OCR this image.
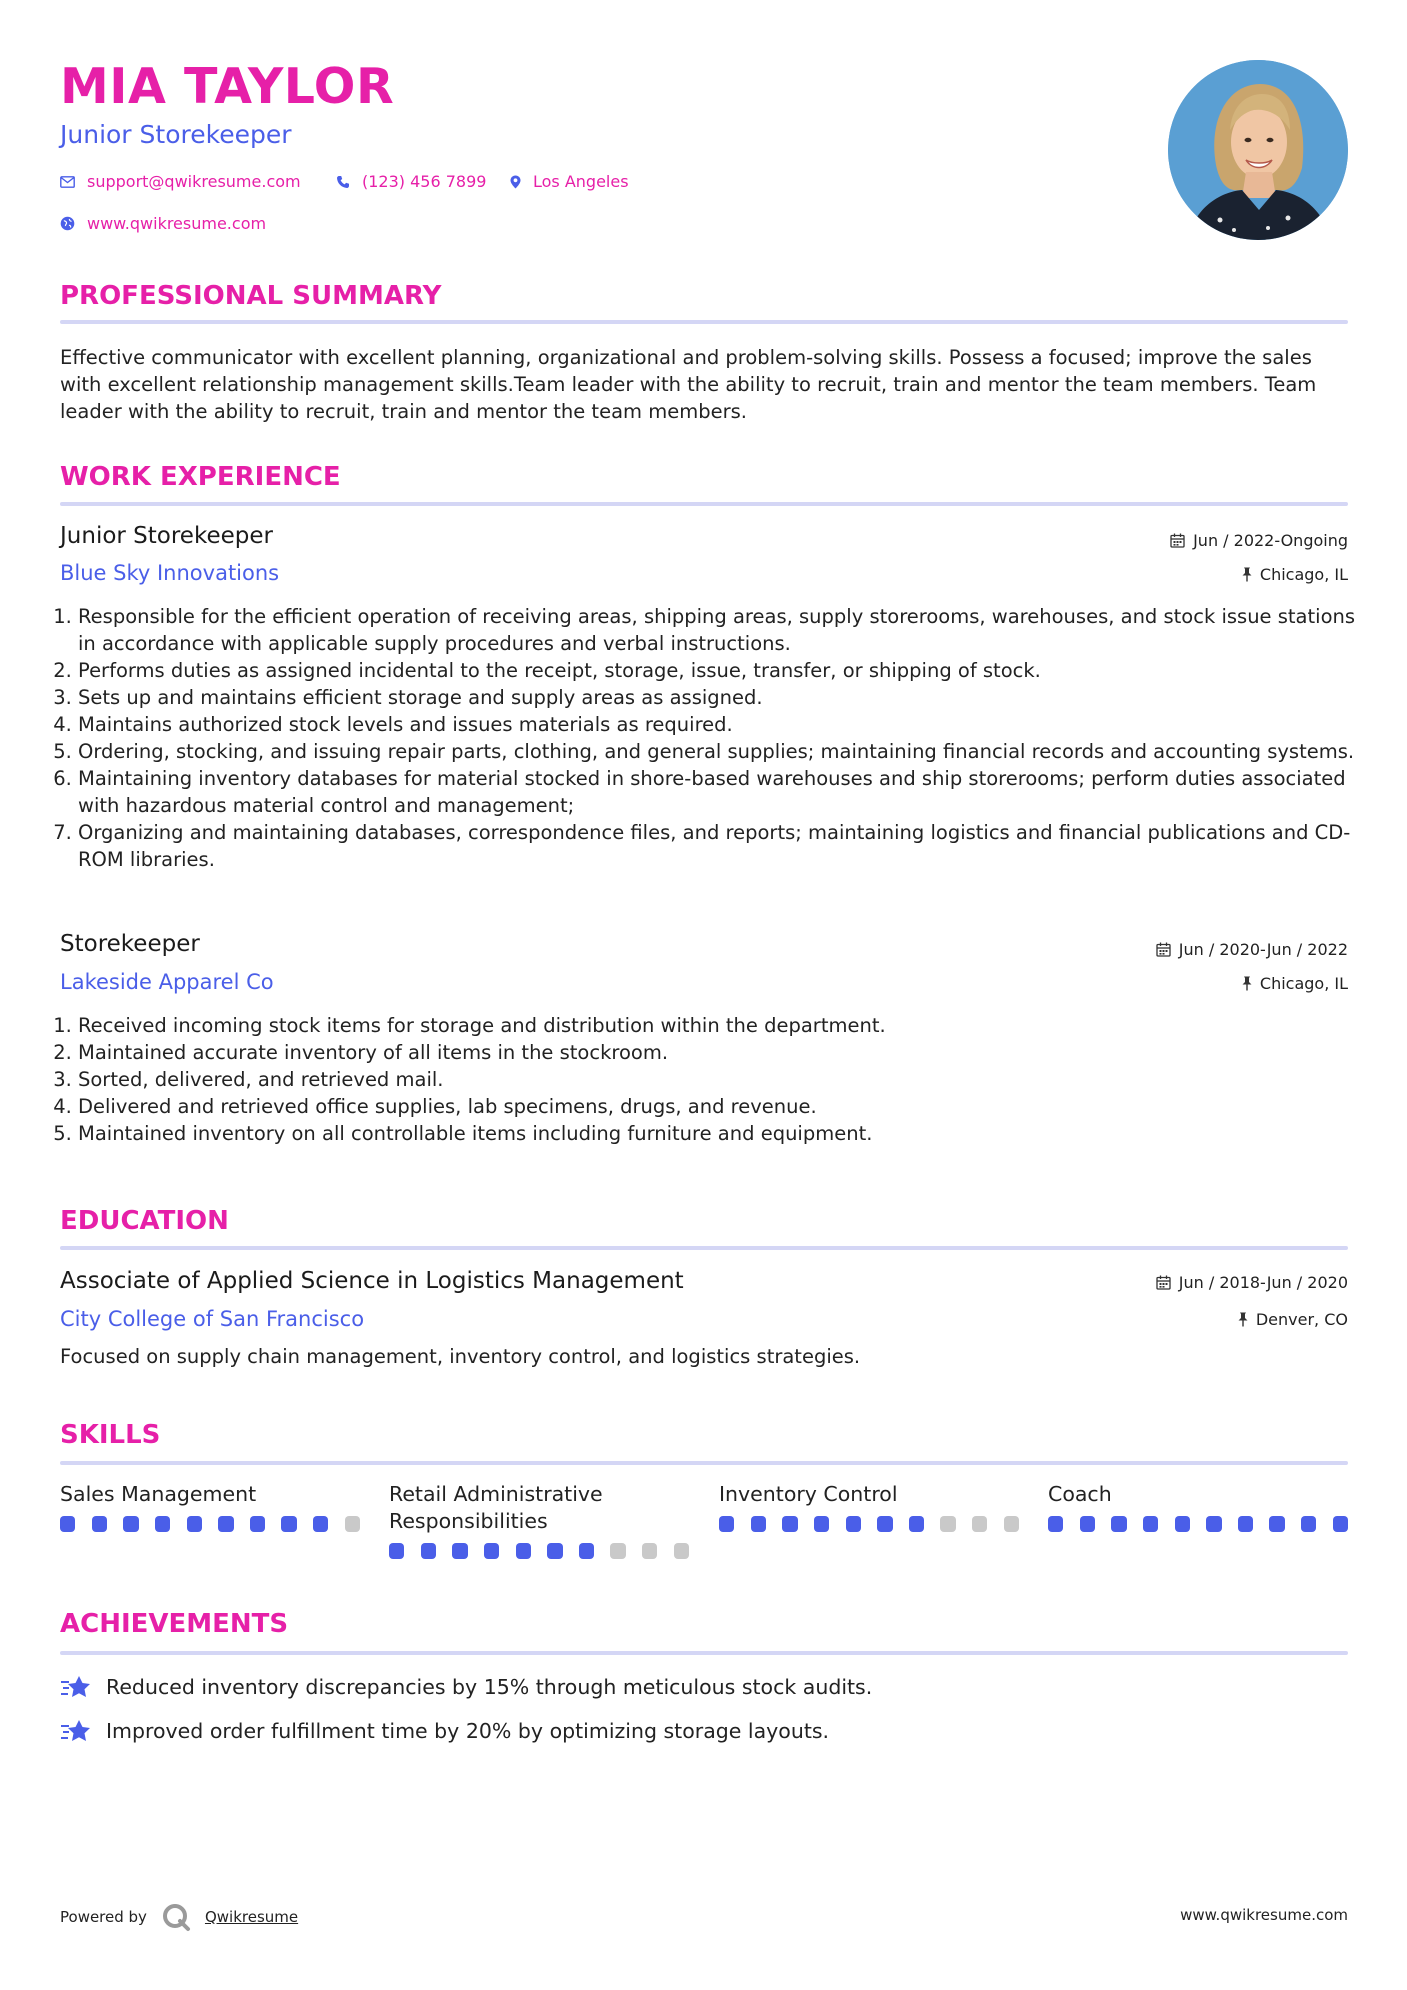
MIA TAYLOR
Junior Storekeeper
support@qwikresume.com	(123) 456 7899	Los Angeles
www.qwikresume.com
PROFESSIONAL SUMMARY
Effective communicator with excellent planning, organizational and problem-solving skills. Possess a focused; improve the sales with excellent relationship management skills.Team leader with the ability to recruit, train and mentor the team members. Team leader with the ability to recruit, train and mentor the team members.
WORK EXPERIENCE
Junior Storekeeper	Jun / 2022-Ongoing
Blue Sky Innovations	Chicago, IL
1. Responsible for the efficient operation of receiving areas, shipping areas, supply storerooms, warehouses, and stock issue stations in accordance with applicable supply procedures and verbal instructions.
2. Performs duties as assigned incidental to the receipt, storage, issue, transfer, or shipping of stock.
3. Sets up and maintains efficient storage and supply areas as assigned.
4. Maintains authorized stock levels and issues materials as required.
5. Ordering, stocking, and issuing repair parts, clothing, and general supplies; maintaining financial records and accounting systems.
6. Maintaining inventory databases for material stocked in shore-based warehouses and ship storerooms; perform duties associated with hazardous material control and management;
7. Organizing and maintaining databases, correspondence files, and reports; maintaining logistics and financial publications and CD-ROM libraries.
Storekeeper	Jun / 2020-Jun / 2022
Lakeside Apparel Co	Chicago, IL
1. Received incoming stock items for storage and distribution within the department.
2. Maintained accurate inventory of all items in the stockroom.
3. Sorted, delivered, and retrieved mail.
4. Delivered and retrieved office supplies, lab specimens, drugs, and revenue.
5. Maintained inventory on all controllable items including furniture and equipment.
EDUCATION
Associate of Applied Science in Logistics Management	Jun / 2018-Jun / 2020
City College of San Francisco	Denver, CO
Focused on supply chain management, inventory control, and logistics strategies.
SKILLS
Sales Management	Retail Administrative Responsibilities
Inventory Control	Coach
ACHIEVEMENTS
Reduced inventory discrepancies by 15% through meticulous stock audits.
Improved order fulfillment time by 20% by optimizing storage layouts.
Powered by	Qwikresume	www.qwikresume.com
